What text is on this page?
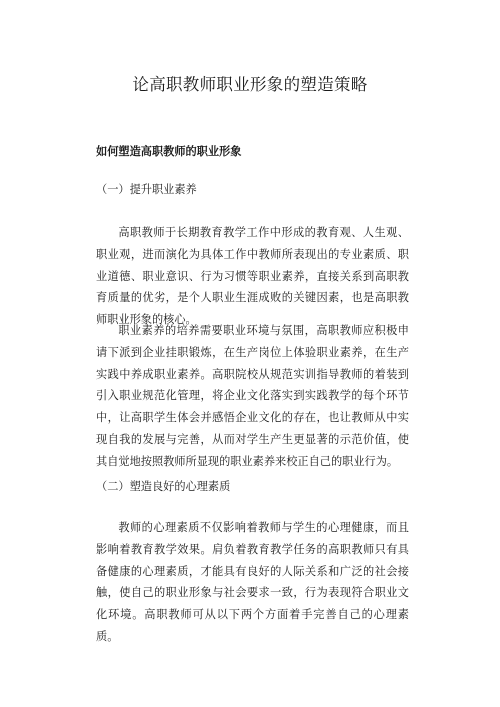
论高职教师职业形象的塑造策略
如何塑造高职教师的职业形象
（一）提升职业素养

高职教师于长期教育教学工作中形成的教育观、人生观、职业观，进而演化为具体工作中教师所表现出的专业素质、职业道德、职业意识、行为习惯等职业素养，直接关系到高职教育质量的优劣，是个人职业生涯成败的关键因素，也是高职教师职业形象的核心。

职业素养的培养需要职业环境与氛围，高职教师应积极申请下派到企业挂职锻炼，在生产岗位上体验职业素养，在生产实践中养成职业素养。高职院校从规范实训指导教师的着装到引入职业规范化管理，将企业文化落实到实践教学的每个环节中，让高职学生体会并感悟企业文化的存在，也让教师从中实现自我的发展与完善，从而对学生产生更显著的示范价值，使其自觉地按照教师所显现的职业素养来校正自己的职业行为。

（二）塑造良好的心理素质

教师的心理素质不仅影响着教师与学生的心理健康，而且影响着教育教学效果。肩负着教育教学任务的高职教师只有具备健康的心理素质，才能具有良好的人际关系和广泛的社会接触，使自己的职业形象与社会要求一致，行为表现符合职业文化环境。高职教师可从以下两个方面着手完善自己的心理素质。
